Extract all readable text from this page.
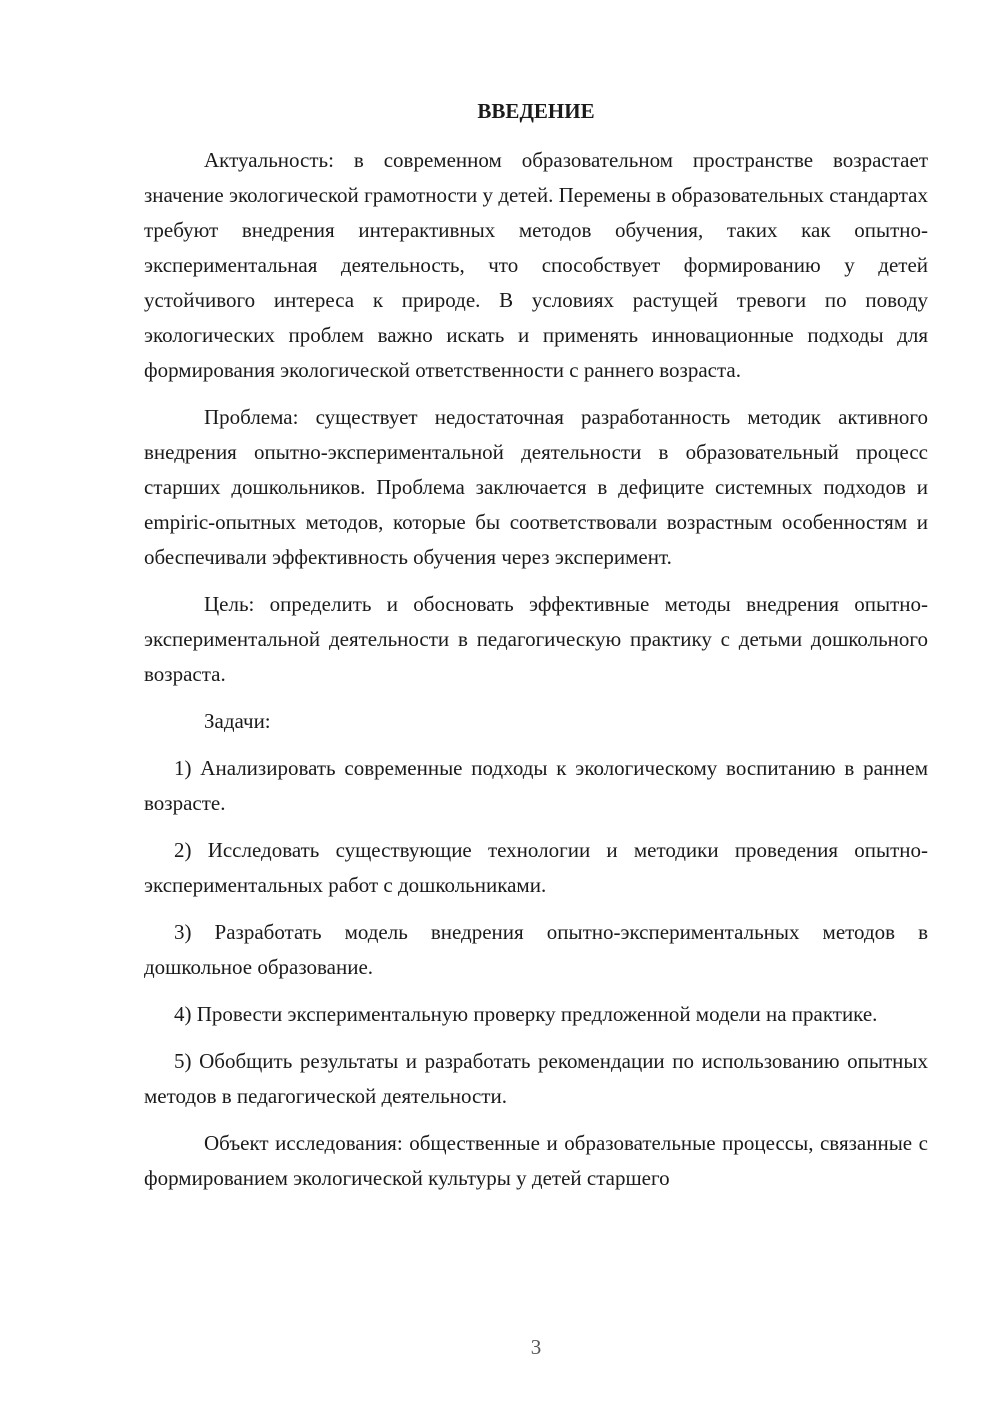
ВВЕДЕНИЕ

Актуальность: в современном образовательном пространстве возрастает значение экологической грамотности у детей. Перемены в образовательных стандартах требуют внедрения интерактивных методов обучения, таких как опытно-экспериментальная деятельность, что способствует формированию у детей устойчивого интереса к природе. В условиях растущей тревоги по поводу экологических проблем важно искать и применять инновационные подходы для формирования экологической ответственности с раннего возраста.

Проблема: существует недостаточная разработанность методик активного внедрения опытно-экспериментальной деятельности в образовательный процесс старших дошкольников. Проблема заключается в дефиците системных подходов и empiric-опытных методов, которые бы соответствовали возрастным особенностям и обеспечивали эффективность обучения через эксперимент.

Цель: определить и обосновать эффективные методы внедрения опытно-экспериментальной деятельности в педагогическую практику с детьми дошкольного возраста.

Задачи:

1) Анализировать современные подходы к экологическому воспитанию в раннем возрасте.

2) Исследовать существующие технологии и методики проведения опытно-экспериментальных работ с дошкольниками.

3) Разработать модель внедрения опытно-экспериментальных методов в дошкольное образование.

4) Провести экспериментальную проверку предложенной модели на практике.

5) Обобщить результаты и разработать рекомендации по использованию опытных методов в педагогической деятельности.

Объект исследования: общественные и образовательные процессы, связанные с формированием экологической культуры у детей старшего

3
